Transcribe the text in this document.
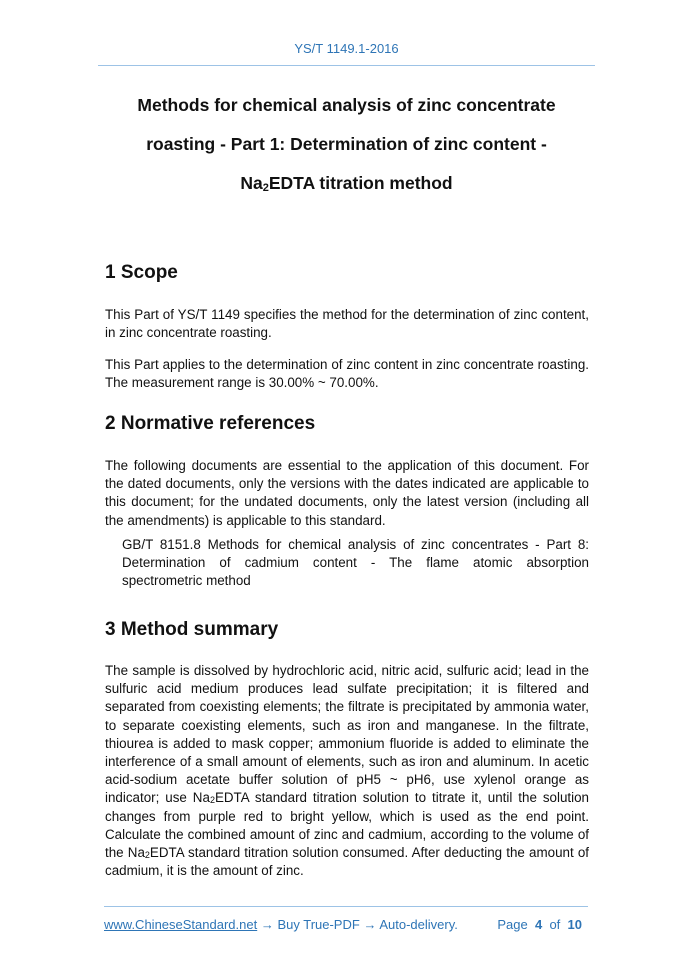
YS/T 1149.1-2016
Methods for chemical analysis of zinc concentrate
roasting - Part 1: Determination of zinc content -
$Na_2EDTA$ titration method
1 Scope

This Part of YS/T 1149 specifies the method for the determination of zinc content, in zinc concentrate roasting.

This Part applies to the determination of zinc content in zinc concentrate roasting. The measurement range is 30.00% ~ 70.00%.

2 Normative references

The following documents are essential to the application of this document. For the dated documents, only the versions with the dates indicated are applicable to this document; for the undated documents, only the latest version (including all the amendments) is applicable to this standard.

GB/T 8151.8 Methods for chemical analysis of zinc concentrates - Part 8: Determination of cadmium content - The flame atomic absorption spectrometric method

3 Method summary

The sample is dissolved by hydrochloric acid, nitric acid, sulfuric acid; lead in the sulfuric acid medium produces lead sulfate precipitation; it is filtered and separated from coexisting elements; the filtrate is precipitated by ammonia water, to separate coexisting elements, such as iron and manganese. In the filtrate, thiourea is added to mask copper; ammonium fluoride is added to eliminate the interference of a small amount of elements, such as iron and aluminum. In acetic acid-sodium acetate buffer solution of pH5 ~ pH6, use xylenol orange as indicator; use $Na_2EDTA$ standard titration solution to titrate it, until the solution changes from purple red to bright yellow, which is used as the end point. Calculate the combined amount of zinc and cadmium, according to the volume of the $Na_2EDTA$ standard titration solution consumed. After deducting the amount of cadmium, it is the amount of zinc.

www.ChineseStandard.net → Buy True-PDF → Auto-delivery.	Page 4 of 10
